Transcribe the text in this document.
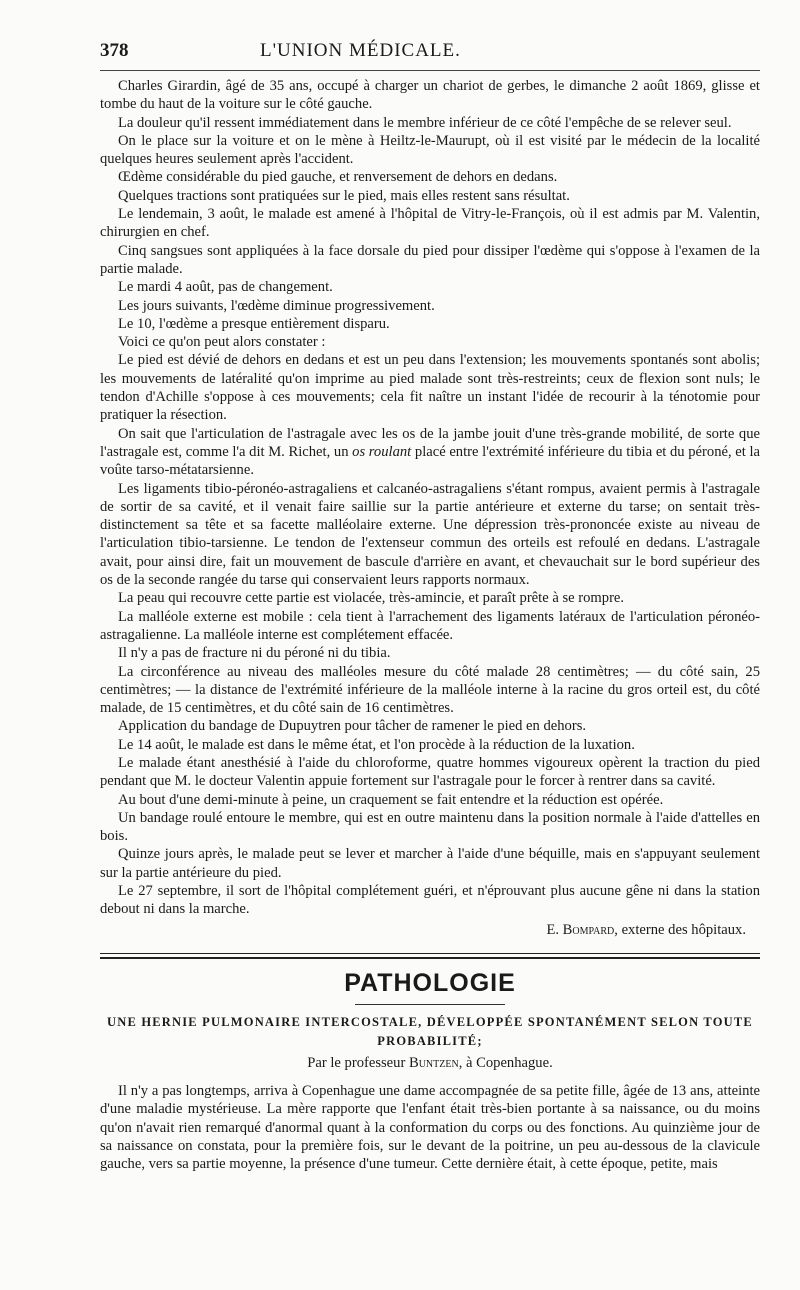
378	L'UNION MÉDICALE.

Charles Girardin, âgé de 35 ans, occupé à charger un chariot de gerbes, le dimanche 2 août 1869, glisse et tombe du haut de la voiture sur le côté gauche.

La douleur qu'il ressent immédiatement dans le membre inférieur de ce côté l'empêche de se relever seul.

On le place sur la voiture et on le mène à Heiltz-le-Maurupt, où il est visité par le médecin de la localité quelques heures seulement après l'accident.

Œdème considérable du pied gauche, et renversement de dehors en dedans.

Quelques tractions sont pratiquées sur le pied, mais elles restent sans résultat.

Le lendemain, 3 août, le malade est amené à l'hôpital de Vitry-le-François, où il est admis par M. Valentin, chirurgien en chef.

Cinq sangsues sont appliquées à la face dorsale du pied pour dissiper l'œdème qui s'oppose à l'examen de la partie malade.

Le mardi 4 août, pas de changement.

Les jours suivants, l'œdème diminue progressivement.

Le 10, l'œdème a presque entièrement disparu.

Voici ce qu'on peut alors constater :

Le pied est dévié de dehors en dedans et est un peu dans l'extension; les mouvements spontanés sont abolis; les mouvements de latéralité qu'on imprime au pied malade sont très-restreints; ceux de flexion sont nuls; le tendon d'Achille s'oppose à ces mouvements; cela fit naître un instant l'idée de recourir à la ténotomie pour pratiquer la résection.

On sait que l'articulation de l'astragale avec les os de la jambe jouit d'une très-grande mobilité, de sorte que l'astragale est, comme l'a dit M. Richet, un os roulant placé entre l'extrémité inférieure du tibia et du péroné, et la voûte tarso-métatarsienne.

Les ligaments tibio-péronéo-astragaliens et calcanéo-astragaliens s'étant rompus, avaient permis à l'astragale de sortir de sa cavité, et il venait faire saillie sur la partie antérieure et externe du tarse; on sentait très-distinctement sa tête et sa facette malléolaire externe. Une dépression très-prononcée existe au niveau de l'articulation tibio-tarsienne. Le tendon de l'extenseur commun des orteils est refoulé en dedans. L'astragale avait, pour ainsi dire, fait un mouvement de bascule d'arrière en avant, et chevauchait sur le bord supérieur des os de la seconde rangée du tarse qui conservaient leurs rapports normaux.

La peau qui recouvre cette partie est violacée, très-amincie, et paraît prête à se rompre.

La malléole externe est mobile : cela tient à l'arrachement des ligaments latéraux de l'articulation péronéo-astragalienne. La malléole interne est complétement effacée.

Il n'y a pas de fracture ni du péroné ni du tibia.

La circonférence au niveau des malléoles mesure du côté malade 28 centimètres; — du côté sain, 25 centimètres; — la distance de l'extrémité inférieure de la malléole interne à la racine du gros orteil est, du côté malade, de 15 centimètres, et du côté sain de 16 centimètres.

Application du bandage de Dupuytren pour tâcher de ramener le pied en dehors.

Le 14 août, le malade est dans le même état, et l'on procède à la réduction de la luxation.

Le malade étant anesthésié à l'aide du chloroforme, quatre hommes vigoureux opèrent la traction du pied pendant que M. le docteur Valentin appuie fortement sur l'astragale pour le forcer à rentrer dans sa cavité.

Au bout d'une demi-minute à peine, un craquement se fait entendre et la réduction est opérée.

Un bandage roulé entoure le membre, qui est en outre maintenu dans la position normale à l'aide d'attelles en bois.

Quinze jours après, le malade peut se lever et marcher à l'aide d'une béquille, mais en s'appuyant seulement sur la partie antérieure du pied.

Le 27 septembre, il sort de l'hôpital complétement guéri, et n'éprouvant plus aucune gêne ni dans la station debout ni dans la marche.

E. Bompard, externe des hôpitaux.
PATHOLOGIE
UNE HERNIE PULMONAIRE INTERCOSTALE, DÉVELOPPÉE SPONTANÉMENT SELON TOUTE PROBABILITÉ;
Par le professeur Buntzen, à Copenhague.

Il n'y a pas longtemps, arriva à Copenhague une dame accompagnée de sa petite fille, âgée de 13 ans, atteinte d'une maladie mystérieuse. La mère rapporte que l'enfant était très-bien portante à sa naissance, ou du moins qu'on n'avait rien remarqué d'anormal quant à la conformation du corps ou des fonctions. Au quinzième jour de sa naissance on constata, pour la première fois, sur le devant de la poitrine, un peu au-dessous de la clavicule gauche, vers sa partie moyenne, la présence d'une tumeur. Cette dernière était, à cette époque, petite, mais
